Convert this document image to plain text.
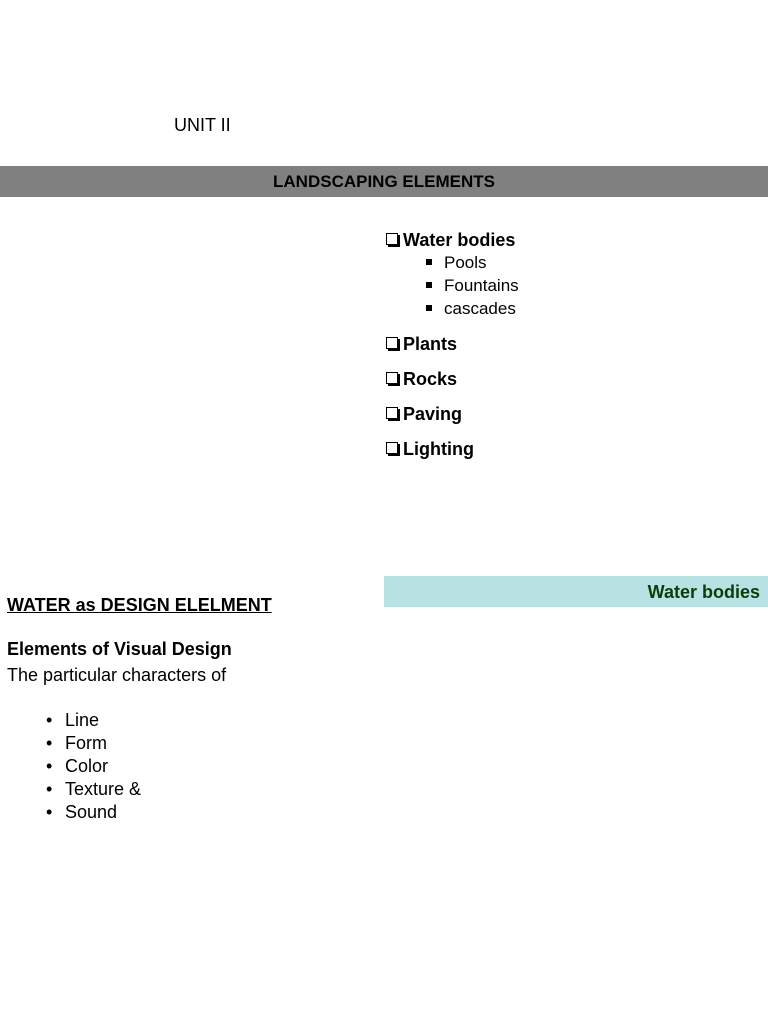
UNIT II
LANDSCAPING ELEMENTS
Water bodies
Pools
Fountains
cascades
Plants
Rocks
Paving
Lighting
Water bodies
WATER as DESIGN ELELMENT
Elements of Visual Design
The particular characters of
• Line
• Form
• Color
• Texture &
• Sound
